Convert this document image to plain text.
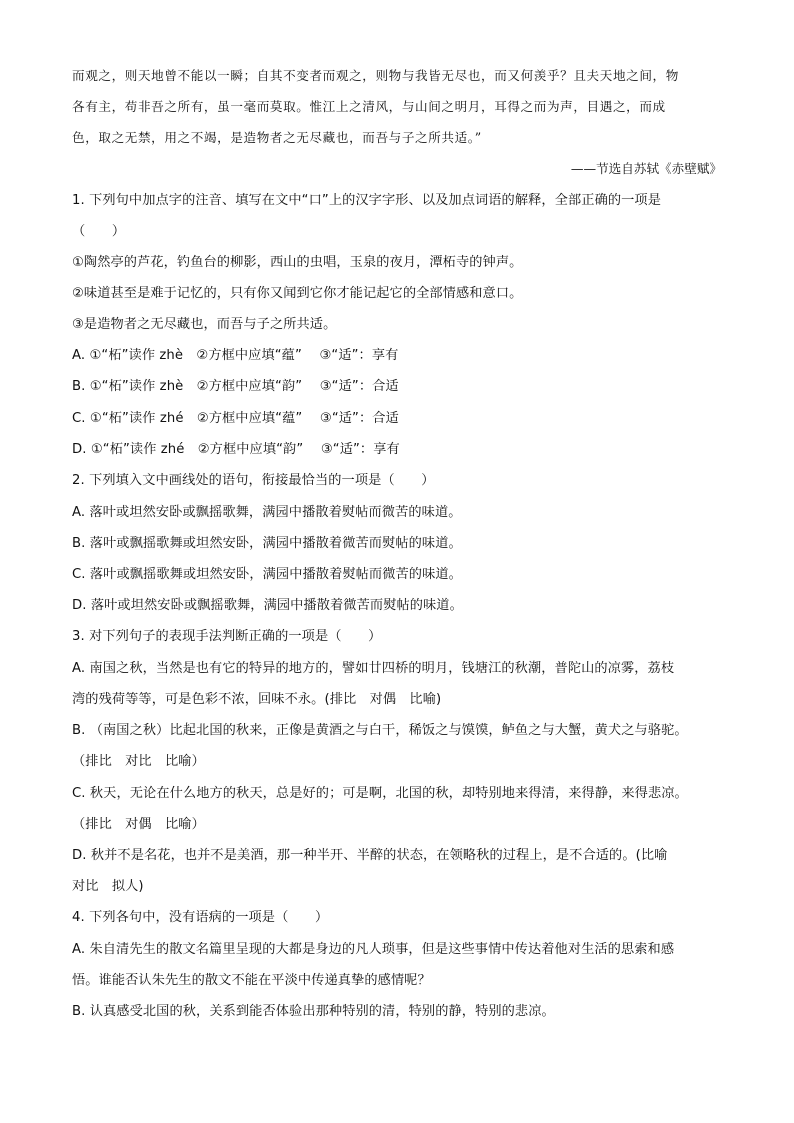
而观之，则天地曾不能以一瞬；自其不变者而观之，则物与我皆无尽也，而又何羡乎？且夫天地之间，物
各有主，苟非吾之所有，虽一毫而莫取。惟江上之清风，与山间之明月，耳得之而为声，目遇之，而成
色，取之无禁，用之不竭，是造物者之无尽藏也，而吾与子之所共适。”
——节选自苏轼《赤壁赋》
1. 下列句中加点字的注音、填写在文中“口”上的汉字字形、以及加点词语的解释，全部正确的一项是
（　　）
①陶然亭的芦花，钓鱼台的柳影，西山的虫唱，玉泉的夜月，潭柘寺的钟声。
②味道甚至是难于记忆的，只有你又闻到它你才能记起它的全部情感和意口。
③是造物者之无尽藏也，而吾与子之所共适。
A. ①“柘”读作 zhè　②方框中应填“蕴”　 ③“适”：享有
B. ①“柘”读作 zhè　②方框中应填“韵”　 ③“适”：合适
C. ①“柘”读作 zhé　②方框中应填“蕴”　 ③“适”：合适
D. ①“柘”读作 zhé　②方框中应填“韵”　 ③“适”：享有
2. 下列填入文中画线处的语句，衔接最恰当的一项是（　　）
A. 落叶或坦然安卧或飘摇歌舞，满园中播散着熨帖而微苦的味道。
B. 落叶或飘摇歌舞或坦然安卧，满园中播散着微苦而熨帖的味道。
C. 落叶或飘摇歌舞或坦然安卧，满园中播散着熨帖而微苦的味道。
D. 落叶或坦然安卧或飘摇歌舞，满园中播散着微苦而熨帖的味道。
3. 对下列句子的表现手法判断正确的一项是（　　）
A. 南国之秋，当然是也有它的特异的地方的，譬如廿四桥的明月，钱塘江的秋潮，普陀山的凉雾，荔枝
湾的残荷等等，可是色彩不浓，回味不永。(排比　对偶　比喻)
B. （南国之秋）比起北国的秋来，正像是黄酒之与白干，稀饭之与馍馍，鲈鱼之与大蟹，黄犬之与骆驼。
（排比　对比　比喻）
C. 秋天，无论在什么地方的秋天，总是好的；可是啊，北国的秋，却特别地来得清，来得静，来得悲凉。
（排比　对偶　比喻）
D. 秋并不是名花，也并不是美酒，那一种半开、半醉的状态，在领略秋的过程上，是不合适的。(比喻
对比　拟人)
4. 下列各句中，没有语病的一项是（　　）
A. 朱自清先生的散文名篇里呈现的大都是身边的凡人琐事，但是这些事情中传达着他对生活的思索和感
悟。谁能否认朱先生的散文不能在平淡中传递真挚的感情呢？
B. 认真感受北国的秋，关系到能否体验出那种特别的清，特别的静，特别的悲凉。
